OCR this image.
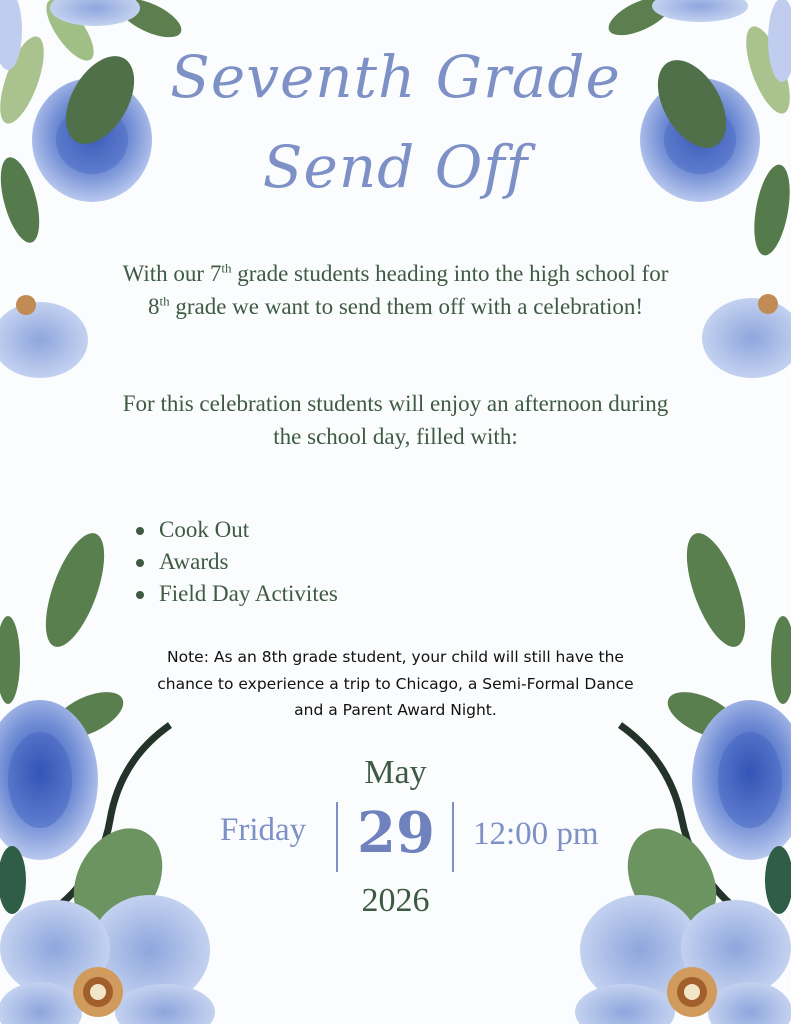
Seventh Grade
Send Off
With our 7th grade students heading into the high school for 8th grade we want to send them off with a celebration!
For this celebration students will enjoy an afternoon during the school day, filled with:
Cook Out
Awards
Field Day Activites
Note: As an 8th grade student, your child will still have the chance to experience a trip to Chicago, a Semi-Formal Dance and a Parent Award Night.
May
Friday 29 12:00 pm
2026
